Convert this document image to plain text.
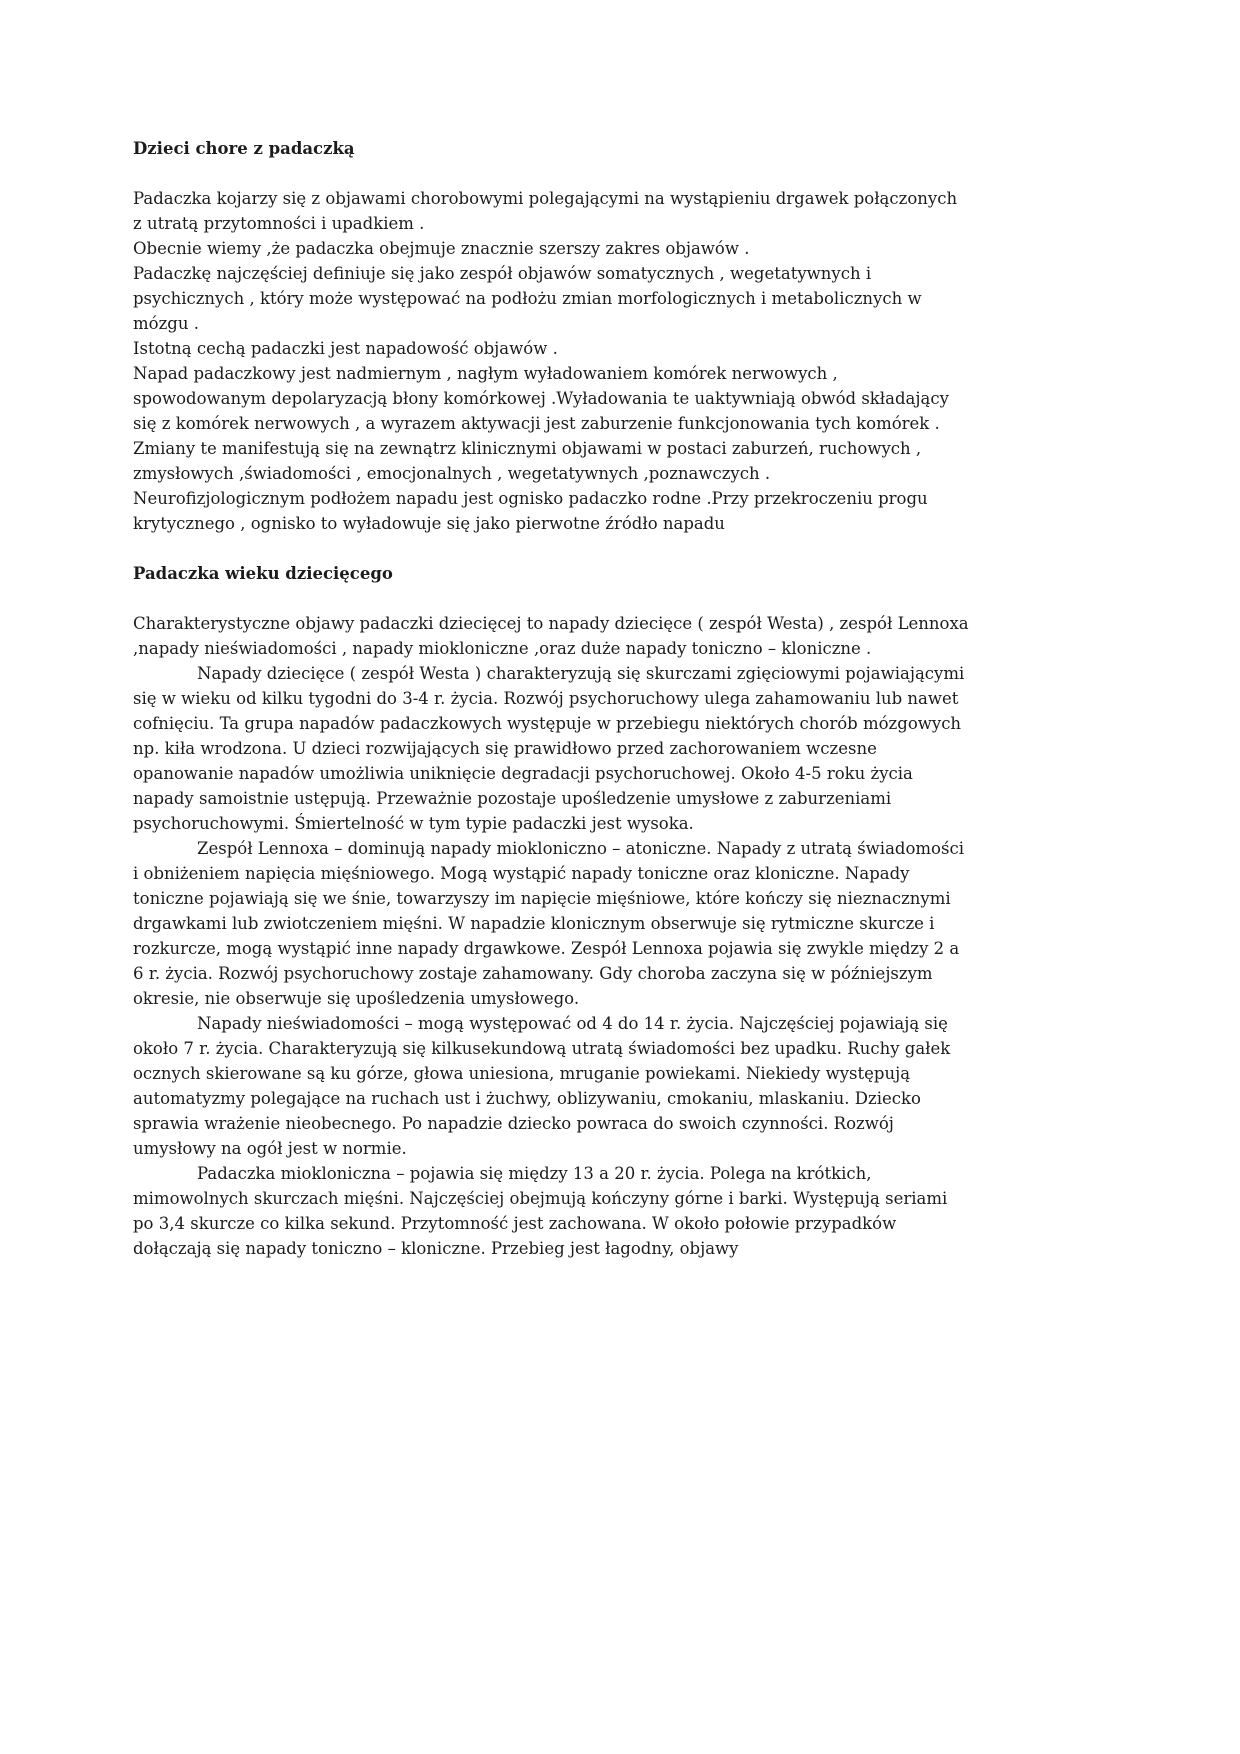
Dzieci chore z padaczką

Padaczka kojarzy się z objawami chorobowymi polegającymi na wystąpieniu drgawek połączonych z utratą przytomności i upadkiem .

Obecnie wiemy ,że padaczka obejmuje znacznie szerszy zakres objawów .

Padaczkę najczęściej definiuje się jako zespół objawów somatycznych , wegetatywnych i psychicznych , który może występować na podłożu zmian morfologicznych i metabolicznych w mózgu .

Istotną cechą padaczki jest napadowość objawów .

Napad padaczkowy jest nadmiernym , nagłym wyładowaniem komórek nerwowych , spowodowanym depolaryzacją błony komórkowej .Wyładowania te uaktywniają obwód składający się z komórek nerwowych , a wyrazem aktywacji jest zaburzenie funkcjonowania tych komórek .

Zmiany te manifestują się na zewnątrz klinicznymi objawami w postaci zaburzeń, ruchowych , zmysłowych ,świadomości , emocjonalnych , wegetatywnych ,poznawczych .

Neurofizjologicznym podłożem napadu jest ognisko padaczko rodne .Przy przekroczeniu progu krytycznego , ognisko to wyładowuje się jako pierwotne źródło napadu

Padaczka wieku dziecięcego

Charakterystyczne objawy padaczki dziecięcej to napady dziecięce ( zespół Westa) , zespół Lennoxa ,napady nieświadomości , napady miokloniczne ,oraz duże napady toniczno – kloniczne .

Napady dziecięce ( zespół Westa ) charakteryzują się skurczami zgięciowymi pojawiającymi się w wieku od kilku tygodni do 3-4 r. życia. Rozwój psychoruchowy ulega zahamowaniu lub nawet cofnięciu. Ta grupa napadów padaczkowych występuje w przebiegu niektórych chorób mózgowych np. kiła wrodzona. U dzieci rozwijających się prawidłowo przed zachorowaniem wczesne opanowanie napadów umożliwia uniknięcie degradacji psychoruchowej. Około 4-5 roku życia napady samoistnie ustępują. Przeważnie pozostaje upośledzenie umysłowe z zaburzeniami psychoruchowymi. Śmiertelność w tym typie padaczki jest wysoka.

Zespół Lennoxa – dominują napady miokloniczno – atoniczne. Napady z utratą świadomości i obniżeniem napięcia mięśniowego. Mogą wystąpić napady toniczne oraz kloniczne. Napady toniczne pojawiają się we śnie, towarzyszy im napięcie mięśniowe, które kończy się nieznacznymi drgawkami lub zwiotczeniem mięśni. W napadzie klonicznym obserwuje się rytmiczne skurcze i rozkurcze, mogą wystąpić inne napady drgawkowe. Zespół Lennoxa pojawia się zwykle między 2 a 6 r. życia. Rozwój psychoruchowy zostaje zahamowany. Gdy choroba zaczyna się w późniejszym okresie, nie obserwuje się upośledzenia umysłowego.

Napady nieświadomości – mogą występować od 4 do 14 r. życia. Najczęściej pojawiają się około 7 r. życia. Charakteryzują się kilkusekundową utratą świadomości bez upadku. Ruchy gałek ocznych skierowane są ku górze, głowa uniesiona, mruganie powiekami. Niekiedy występują automatyzmy polegające na ruchach ust i żuchwy, oblizywaniu, cmokaniu, mlaskaniu. Dziecko sprawia wrażenie nieobecnego. Po napadzie dziecko powraca do swoich czynności. Rozwój umysłowy na ogół jest w normie.

Padaczka miokloniczna – pojawia się między 13 a 20 r. życia. Polega na krótkich, mimowolnych skurczach mięśni. Najczęściej obejmują kończyny górne i barki. Występują seriami po 3,4 skurcze co kilka sekund. Przytomność jest zachowana. W około połowie przypadków dołączają się napady toniczno – kloniczne. Przebieg jest łagodny, objawy
